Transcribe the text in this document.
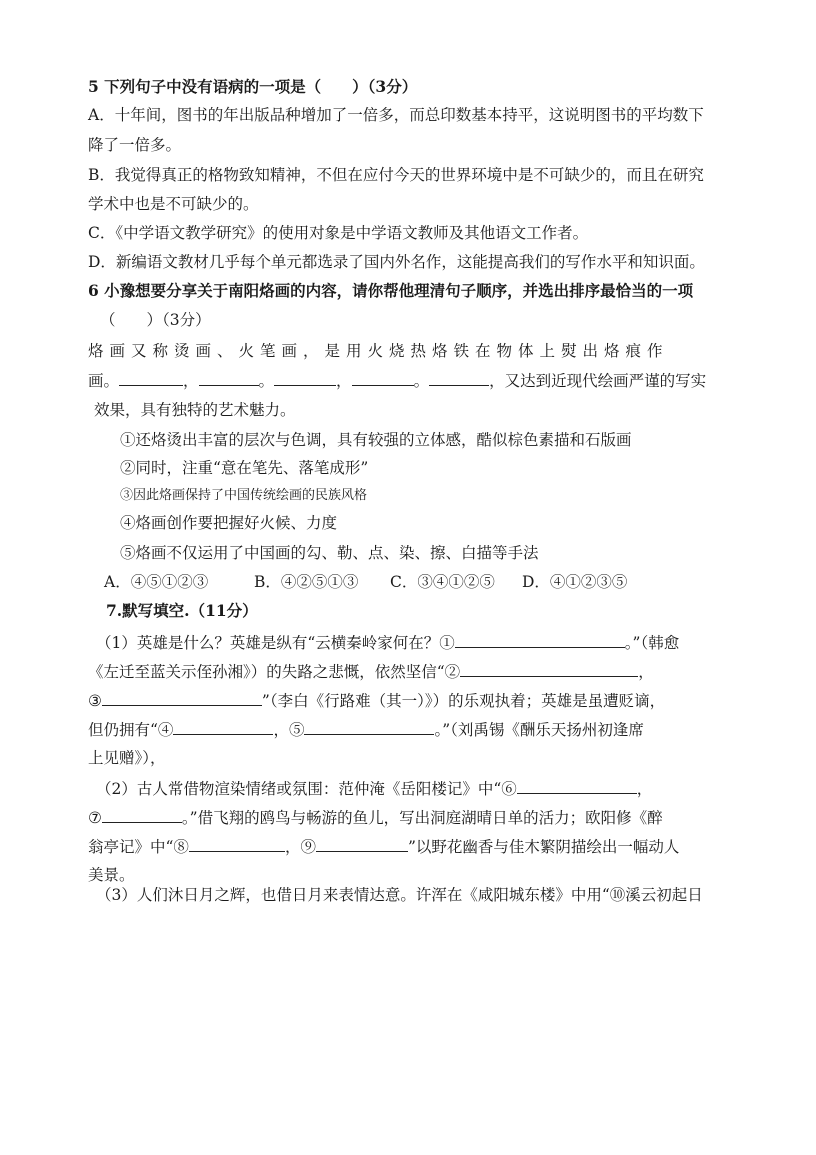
5 下列句子中没有语病的一项是（　　）（3分）
A．十年间，图书的年出版品种增加了一倍多，而总印数基本持平，这说明图书的平均数下
降了一倍多。
B．我觉得真正的格物致知精神，不但在应付今天的世界环境中是不可缺少的，而且在研究
学术中也是不可缺少的。
C．《中学语文教学研究》的使用对象是中学语文教师及其他语文工作者。
D．新编语文教材几乎每个单元都选录了国内外名作，这能提高我们的写作水平和知识面。
6 小豫想要分享关于南阳烙画的内容，请你帮他理清句子顺序，并选出排序最恰当的一项
（　　）（3分）
烙画又称烫画、火笔画，是用火烧热烙铁在物体上熨出烙痕作
画。	，	。	，	。	，又达到近现代绘画严谨的写实
效果，具有独特的艺术魅力。
①还烙烫出丰富的层次与色调，具有较强的立体感，酷似棕色素描和石版画
②同时，注重“意在笔先、落笔成形”
③因此烙画保持了中国传统绘画的民族风格
④烙画创作要把握好火候、力度
⑤烙画不仅运用了中国画的勾、勒、点、染、擦、白描等手法
A．④⑤①②③	B．④②⑤①③	C．③④①②⑤	D．④①②③⑤
7.默写填空.（11分）
（1）英雄是什么？英雄是纵有“云横秦岭家何在？①	。”（韩愈
《左迁至蓝关示侄孙湘》）的失路之悲慨，依然坚信“②	，
③	”（李白《行路难（其一）》）的乐观执着；英雄是虽遭贬谪，
但仍拥有“④	，⑤	。”（刘禹锡《酬乐天扬州初逢席
上见赠》），
（2）古人常借物渲染情绪或氛围：范仲淹《岳阳楼记》中“⑥	，
⑦	。”借飞翔的鸥鸟与畅游的鱼儿，写出洞庭湖晴日单的活力；欧阳修《醉
翁亭记》中“⑧	，⑨	”以野花幽香与佳木繁阴描绘出一幅动人
美景。
（3）人们沐日月之辉，也借日月来表情达意。许浑在《咸阳城东楼》中用“⑩溪云初起日
